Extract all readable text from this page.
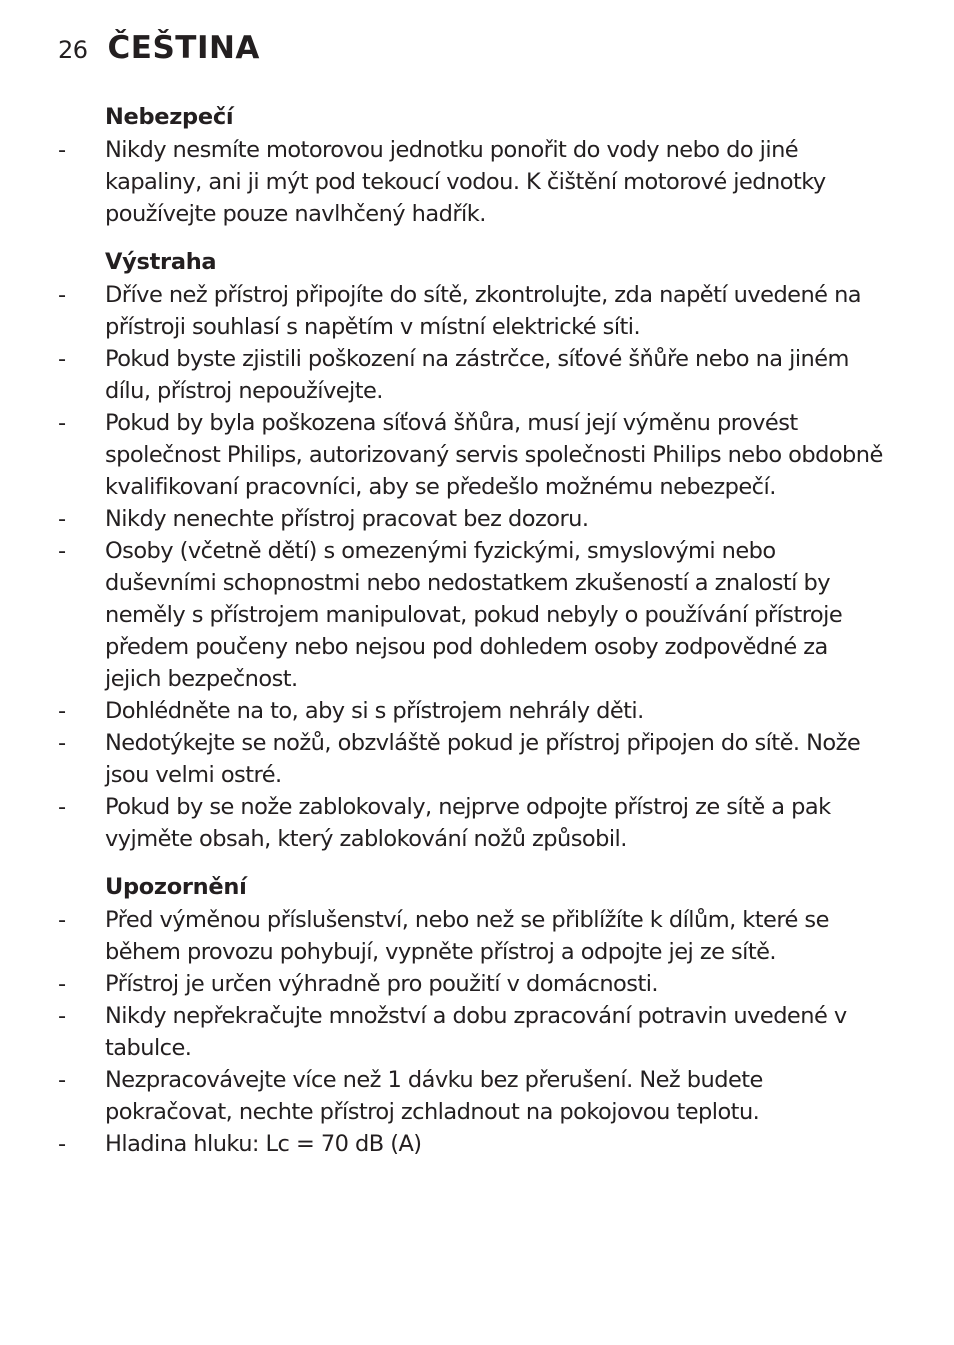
26 ČEŠTINA
Nebezpečí
-	Nikdy nesmíte motorovou jednotku ponořit do vody nebo do jiné kapaliny, ani ji mýt pod tekoucí vodou. K čištění motorové jednotky používejte pouze navlhčený hadřík.
Výstraha
-	Dříve než přístroj připojíte do sítě, zkontrolujte, zda napětí uvedené na přístroji souhlasí s napětím v místní elektrické síti.
-	Pokud byste zjistili poškození na zástrčce, síťové šňůře nebo na jiném dílu, přístroj nepoužívejte.
-	Pokud by byla poškozena síťová šňůra, musí její výměnu provést společnost Philips, autorizovaný servis společnosti Philips nebo obdobně kvalifikovaní pracovníci, aby se předešlo možnému nebezpečí.
-	Nikdy nenechte přístroj pracovat bez dozoru.
-	Osoby (včetně dětí) s omezenými fyzickými, smyslovými nebo duševními schopnostmi nebo nedostatkem zkušeností a znalostí by neměly s přístrojem manipulovat, pokud nebyly o používání přístroje předem poučeny nebo nejsou pod dohledem osoby zodpovědné za jejich bezpečnost.
-	Dohlédněte na to, aby si s přístrojem nehrály děti.
-	Nedotýkejte se nožů, obzvláště pokud je přístroj připojen do sítě. Nože jsou velmi ostré.
-	Pokud by se nože zablokovaly, nejprve odpojte přístroj ze sítě a pak vyjměte obsah, který zablokování nožů způsobil.
Upozornění
-	Před výměnou příslušenství, nebo než se přiblížíte k dílům, které se během provozu pohybují, vypněte přístroj a odpojte jej ze sítě.
-	Přístroj je určen výhradně pro použití v domácnosti.
-	Nikdy nepřekračujte množství a dobu zpracování potravin uvedené v tabulce.
-	Nezpracovávejte více než 1 dávku bez přerušení. Než budete pokračovat, nechte přístroj zchladnout na pokojovou teplotu.
-	Hladina hluku: Lc = 70 dB (A)
